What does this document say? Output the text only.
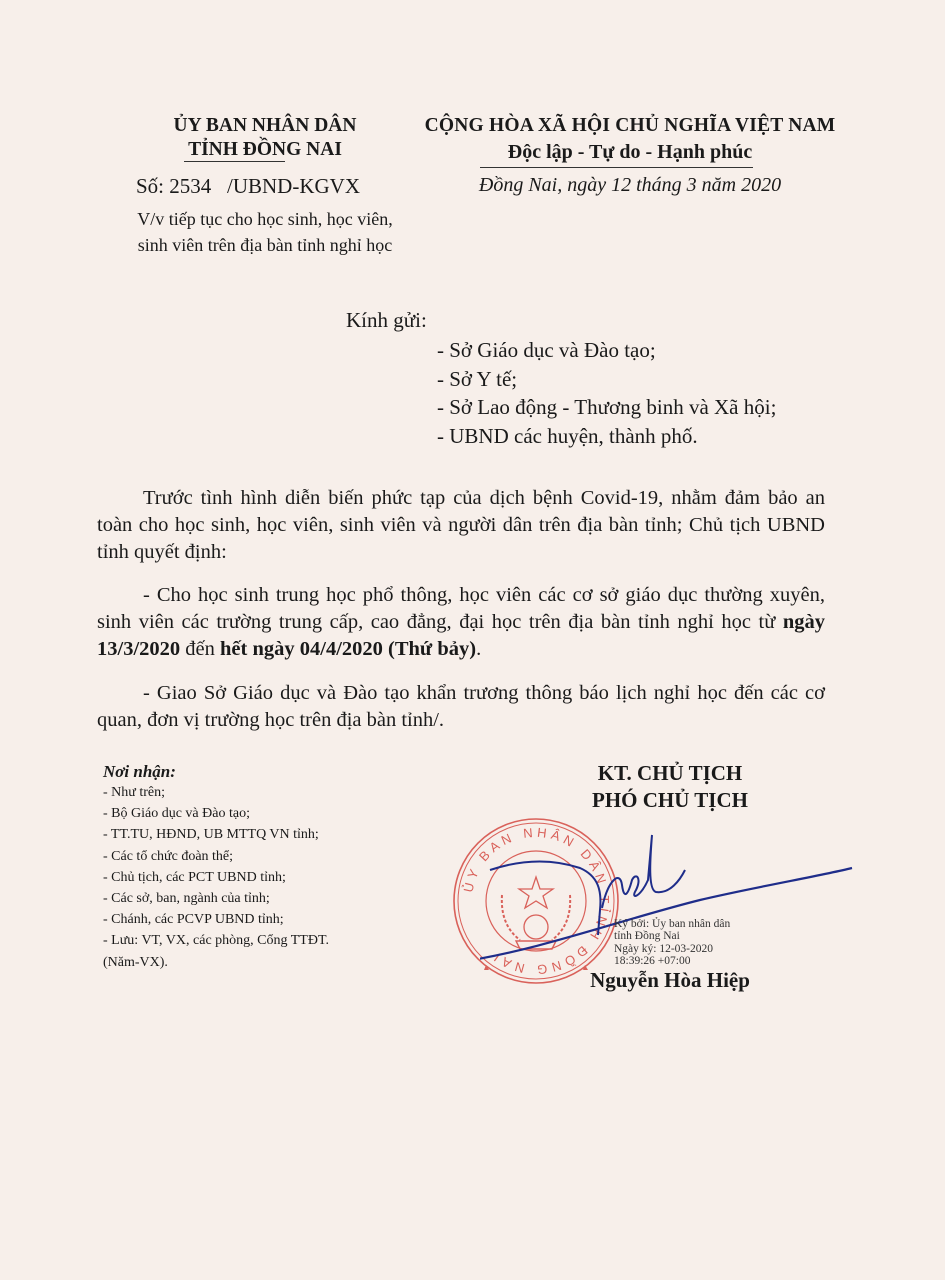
ỦY BAN NHÂN DÂN
TỈNH ĐỒNG NAI
Số: 2534   /UBND-KGVX
V/v tiếp tục cho học sinh, học viên,
sinh viên trên địa bàn tỉnh nghỉ học
CỘNG HÒA XÃ HỘI CHỦ NGHĨA VIỆT NAM
Độc lập - Tự do - Hạnh phúc
Đồng Nai, ngày 12 tháng 3 năm 2020
Kính gửi:
- Sở Giáo dục và Đào tạo;
- Sở Y tế;
- Sở Lao động - Thương binh và Xã hội;
- UBND các huyện, thành phố.
Trước tình hình diễn biến phức tạp của dịch bệnh Covid-19, nhằm đảm bảo an toàn cho học sinh, học viên, sinh viên và người dân trên địa bàn tỉnh; Chủ tịch UBND tỉnh quyết định:
- Cho học sinh trung học phổ thông, học viên các cơ sở giáo dục thường xuyên, sinh viên các trường trung cấp, cao đẳng, đại học trên địa bàn tỉnh nghỉ học từ ngày 13/3/2020 đến hết ngày 04/4/2020 (Thứ bảy).
- Giao Sở Giáo dục và Đào tạo khẩn trương thông báo lịch nghỉ học đến các cơ quan, đơn vị trường học trên địa bàn tỉnh/.
Nơi nhận:
- Như trên;
- Bộ Giáo dục và Đào tạo;
- TT.TU, HĐND, UB MTTQ VN tỉnh;
- Các tổ chức đoàn thể;
- Chủ tịch, các PCT UBND tỉnh;
- Các sở, ban, ngành của tỉnh;
- Chánh, các PCVP UBND tỉnh;
- Lưu: VT, VX, các phòng, Cổng TTĐT.
(Năm-VX).
KT. CHỦ TỊCH
PHÓ CHỦ TỊCH
ỦY BAN NHÂN DÂN TỈNH ĐỒNG NAI
Ký bởi: Ủy ban nhân dân
tỉnh Đồng Nai
Ngày ký: 12-03-2020
18:39:26 +07:00
Nguyễn Hòa Hiệp
